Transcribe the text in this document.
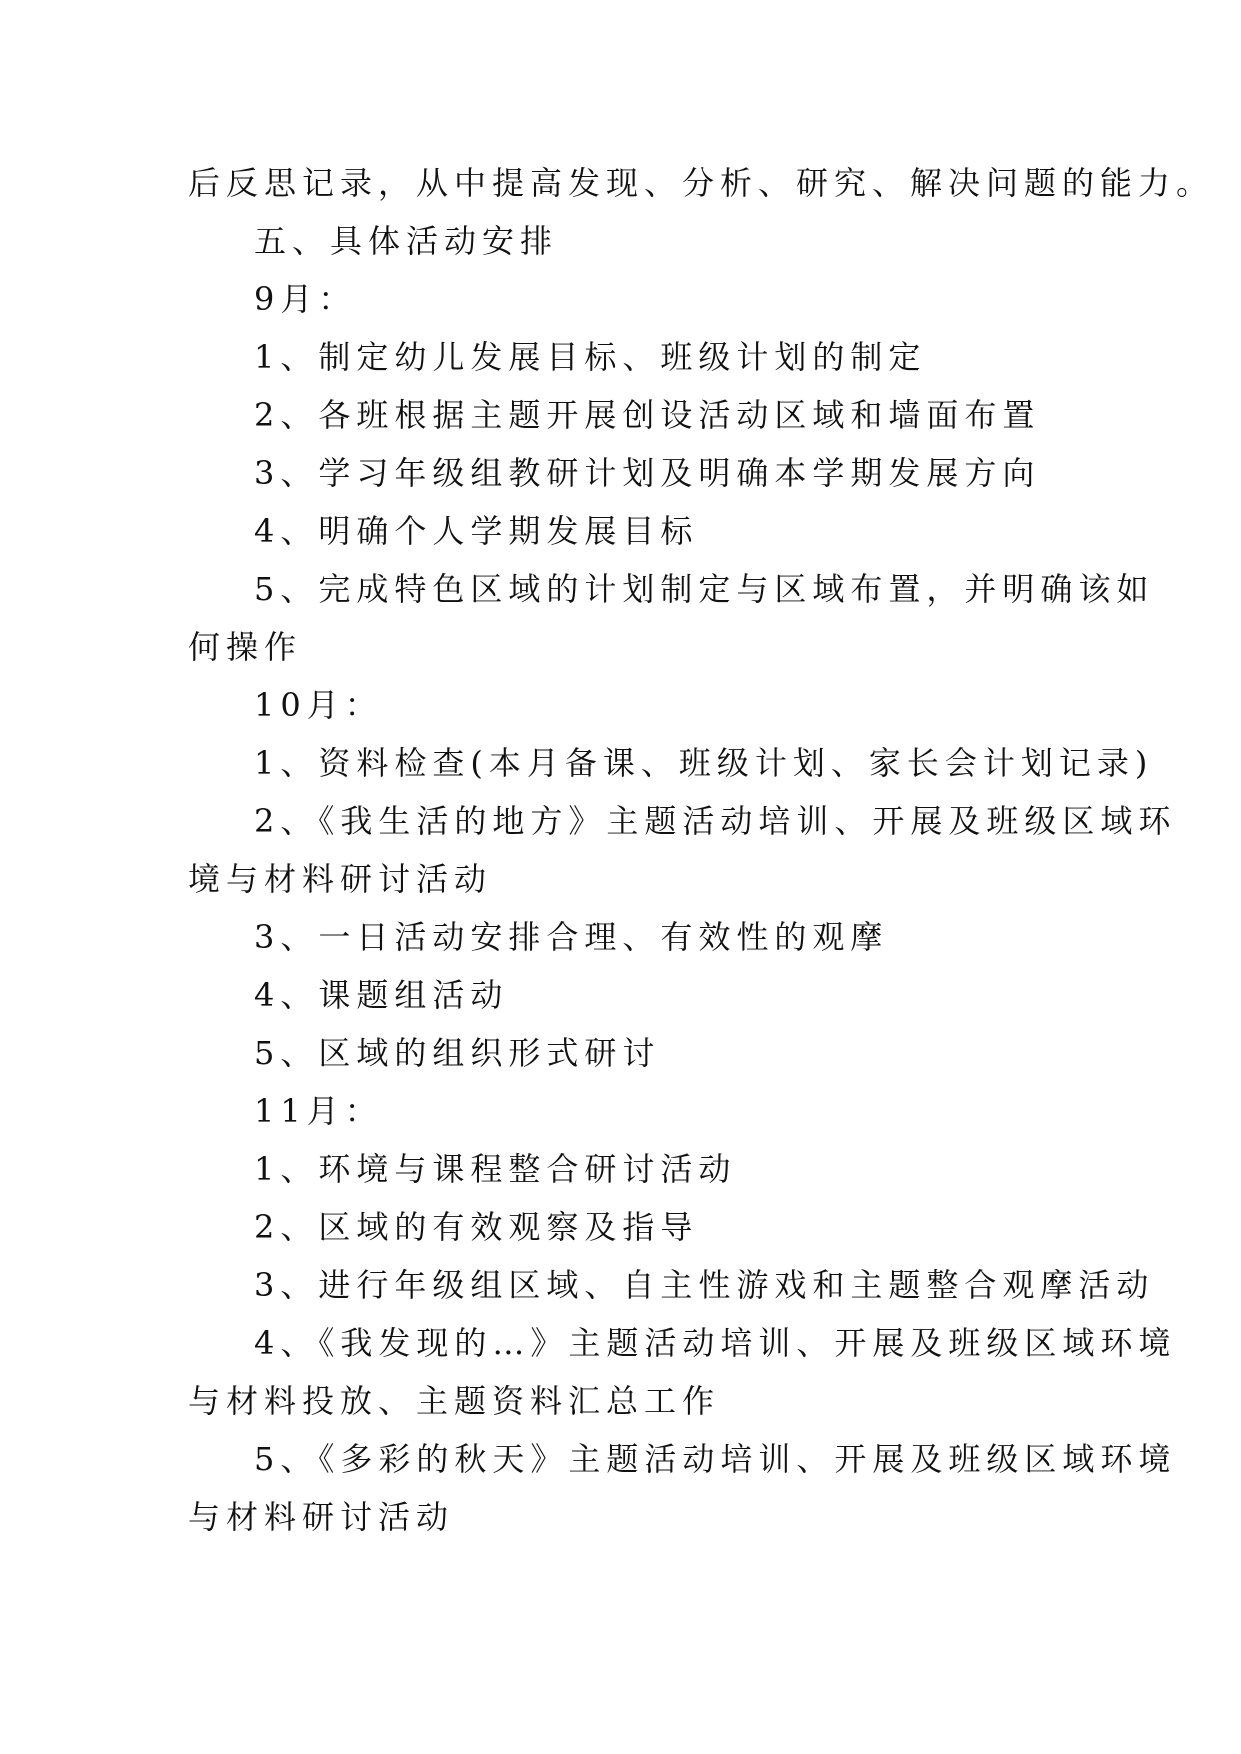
后反思记录，从中提高发现、分析、研究、解决问题的能力。
五、具体活动安排
9月：
1、制定幼儿发展目标、班级计划的制定
2、各班根据主题开展创设活动区域和墙面布置
3、学习年级组教研计划及明确本学期发展方向
4、明确个人学期发展目标
5、完成特色区域的计划制定与区域布置，并明确该如
何操作
10月：
1、资料检查(本月备课、班级计划、家长会计划记录)
2、《我生活的地方》主题活动培训、开展及班级区域环
境与材料研讨活动
3、一日活动安排合理、有效性的观摩
4、课题组活动
5、区域的组织形式研讨
11月：
1、环境与课程整合研讨活动
2、区域的有效观察及指导
3、进行年级组区域、自主性游戏和主题整合观摩活动
4、《我发现的…》主题活动培训、开展及班级区域环境
与材料投放、主题资料汇总工作
5、《多彩的秋天》主题活动培训、开展及班级区域环境
与材料研讨活动
